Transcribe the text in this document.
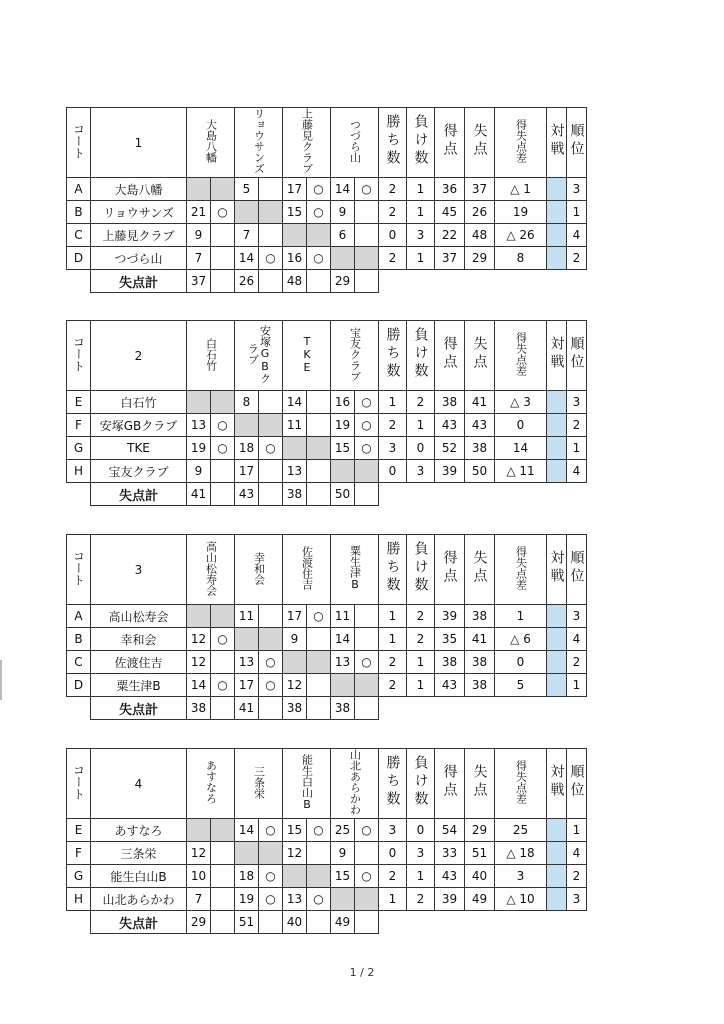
コート	1	大島八幡		リョウサンズ		上藤見クラブ		つづら山		勝ち数	負け数	得点	失点	得失点差	対戦	順位
A	大島八幡			5		17	○	14	○	2	1	36	37	△ 1		3
B	リョウサンズ	21	○			15	○	9		2	1	45	26	19		1
C	上藤見クラブ	9		7				6		0	3	22	48	△ 26		4
D	つづら山	7		14	○	16	○			2	1	37	29	8		2
	失点計	37		26		48		29								
コート	2	白石竹		安塚GBクラブ		TKE		宝友クラブ		勝ち数	負け数	得点	失点	得失点差	対戦	順位
E	白石竹			8		14		16	○	1	2	38	41	△ 3		3
F	安塚GBクラブ	13	○			11		19	○	2	1	43	43	0		2
G	TKE	19	○	18	○			15	○	3	0	52	38	14		1
H	宝友クラブ	9		17		13				0	3	39	50	△ 11		4
	失点計	41		43		38		50								
コート	3	高山松寿会		幸和会		佐渡住吉		粟生津B		勝ち数	負け数	得点	失点	得失点差	対戦	順位
A	高山松寿会			11		17	○	11		1	2	39	38	1		3
B	幸和会	12	○			9		14		1	2	35	41	△ 6		4
C	佐渡住吉	12		13	○			13	○	2	1	38	38	0		2
D	粟生津B	14	○	17	○	12				2	1	43	38	5		1
	失点計	38		41		38		38								
コート	4	あすなろ		三条栄		能生白山B		山北あらかわ		勝ち数	負け数	得点	失点	得失点差	対戦	順位
E	あすなろ			14	○	15	○	25	○	3	0	54	29	25		1
F	三条栄	12				12		9		0	3	33	51	△ 18		4
G	能生白山B	10		18	○			15	○	2	1	43	40	3		2
H	山北あらかわ	7		19	○	13	○			1	2	39	49	△ 10		3
	失点計	29		51		40		49								
1 / 2
